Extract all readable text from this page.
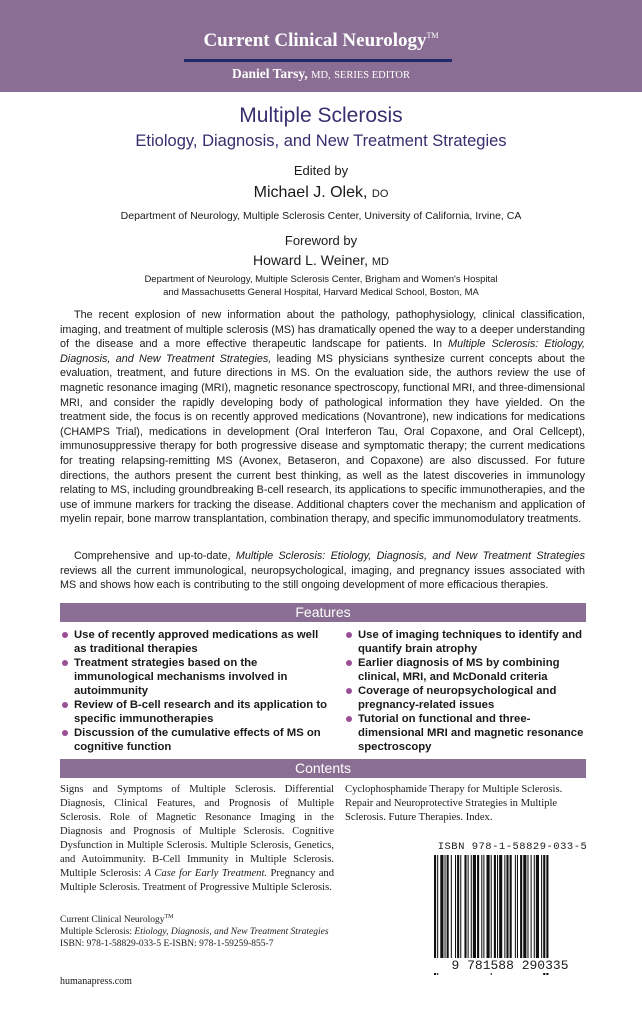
Current Clinical Neurology™
Daniel Tarsy, MD, SERIES EDITOR
Multiple Sclerosis
Etiology, Diagnosis, and New Treatment Strategies
Edited by
Michael J. Olek, DO
Department of Neurology, Multiple Sclerosis Center, University of California, Irvine, CA
Foreword by
Howard L. Weiner, MD
Department of Neurology, Multiple Sclerosis Center, Brigham and Women's Hospital
and Massachusetts General Hospital, Harvard Medical School, Boston, MA
The recent explosion of new information about the pathology, pathophysiology, clinical classification, imaging, and treatment of multiple sclerosis (MS) has dramatically opened the way to a deeper understanding of the disease and a more effective therapeutic landscape for patients. In Multiple Sclerosis: Etiology, Diagnosis, and New Treatment Strategies, leading MS physicians synthesize current concepts about the evaluation, treatment, and future directions in MS. On the evaluation side, the authors review the use of magnetic resonance imaging (MRI), magnetic resonance spectroscopy, functional MRI, and three-dimensional MRI, and consider the rapidly developing body of pathological information they have yielded. On the treatment side, the focus is on recently approved medications (Novantrone), new indications for medications (CHAMPS Trial), medications in development (Oral Interferon Tau, Oral Copaxone, and Oral Cellcept), immunosuppressive therapy for both progressive disease and symptomatic therapy; the current medications for treating relapsing-remitting MS (Avonex, Betaseron, and Copaxone) are also discussed. For future directions, the authors present the current best thinking, as well as the latest discoveries in immunology relating to MS, including groundbreaking B-cell research, its applications to specific immunotherapies, and the use of immune markers for tracking the disease. Additional chapters cover the mechanism and application of myelin repair, bone marrow transplantation, combination therapy, and specific immunomodulatory treatments.
Comprehensive and up-to-date, Multiple Sclerosis: Etiology, Diagnosis, and New Treatment Strategies reviews all the current immunological, neuropsychological, imaging, and pregnancy issues associated with MS and shows how each is contributing to the still ongoing development of more efficacious therapies.
Features
Use of recently approved medications as well as traditional therapies
Treatment strategies based on the immunological mechanisms involved in autoimmunity
Review of B-cell research and its application to specific immunotherapies
Discussion of the cumulative effects of MS on cognitive function
Use of imaging techniques to identify and quantify brain atrophy
Earlier diagnosis of MS by combining clinical, MRI, and McDonald criteria
Coverage of neuropsychological and pregnancy-related issues
Tutorial on functional and three-dimensional MRI and magnetic resonance spectroscopy
Contents
Signs and Symptoms of Multiple Sclerosis. Differential Diagnosis, Clinical Features, and Prognosis of Multiple Sclerosis. Role of Magnetic Resonance Imaging in the Diagnosis and Prognosis of Multiple Sclerosis. Cognitive Dysfunction in Multiple Sclerosis. Multiple Sclerosis, Genetics, and Autoimmunity. B-Cell Immunity in Multiple Sclerosis. Multiple Sclerosis: A Case for Early Treatment. Pregnancy and Multiple Sclerosis. Treatment of Progressive Multiple Sclerosis.
Cyclophosphamide Therapy for Multiple Sclerosis. Repair and Neuroprotective Strategies in Multiple Sclerosis. Future Therapies. Index.
ISBN 978-1-58829-033-5
9 781588 290335
Current Clinical Neurology™
Multiple Sclerosis: Etiology, Diagnosis, and New Treatment Strategies
ISBN: 978-1-58829-033-5 E-ISBN: 978-1-59259-855-7
humanapress.com
